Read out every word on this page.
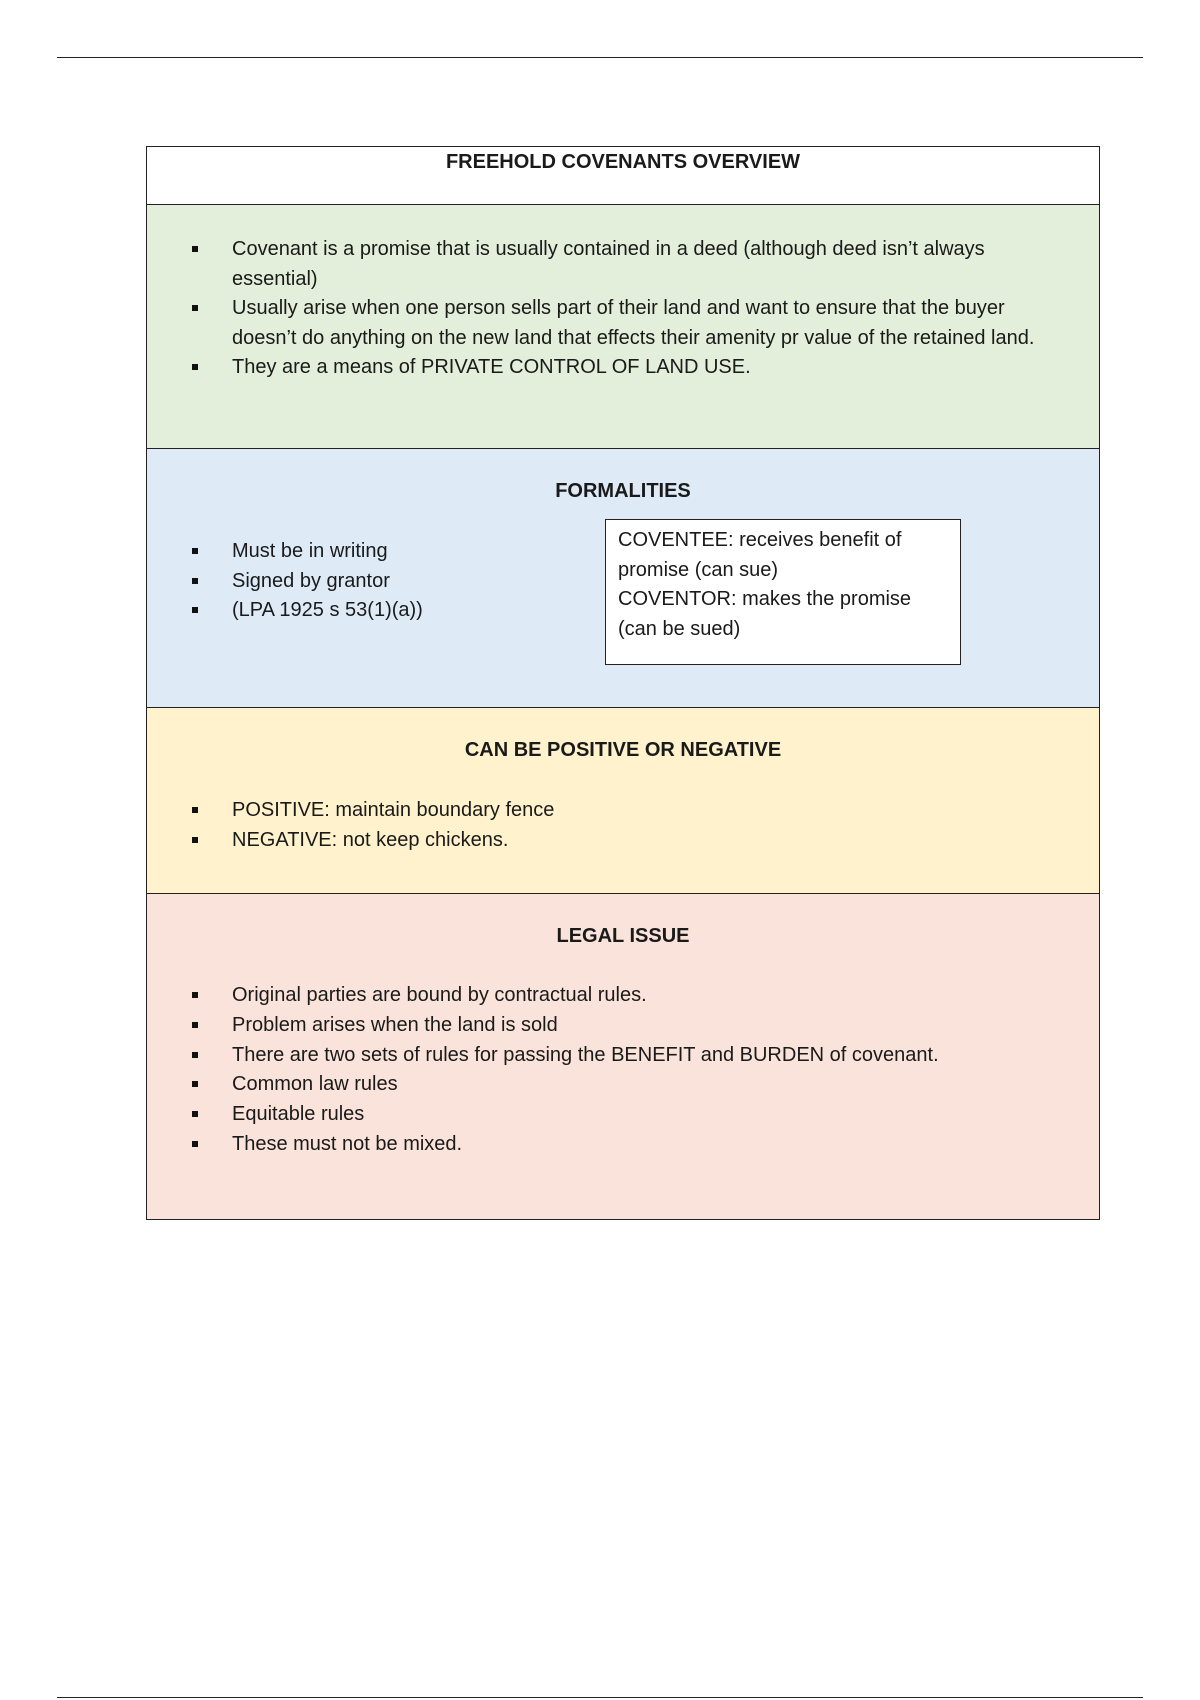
FREEHOLD COVENANTS OVERVIEW
Covenant is a promise that is usually contained in a deed (although deed isn’t always essential)
Usually arise when one person sells part of their land and want to ensure that the buyer doesn’t do anything on the new land that effects their amenity pr value of the retained land.
They are a means of PRIVATE CONTROL OF LAND USE.
FORMALITIES
Must be in writing
Signed by grantor
(LPA 1925 s 53(1)(a))
COVENTEE: receives benefit of promise (can sue)
COVENTOR: makes the promise (can be sued)
CAN BE POSITIVE OR NEGATIVE
POSITIVE: maintain boundary fence
NEGATIVE: not keep chickens.
LEGAL ISSUE
Original parties are bound by contractual rules.
Problem arises when the land is sold
There are two sets of rules for passing the BENEFIT and BURDEN of covenant.
Common law rules
Equitable rules
These must not be mixed.
